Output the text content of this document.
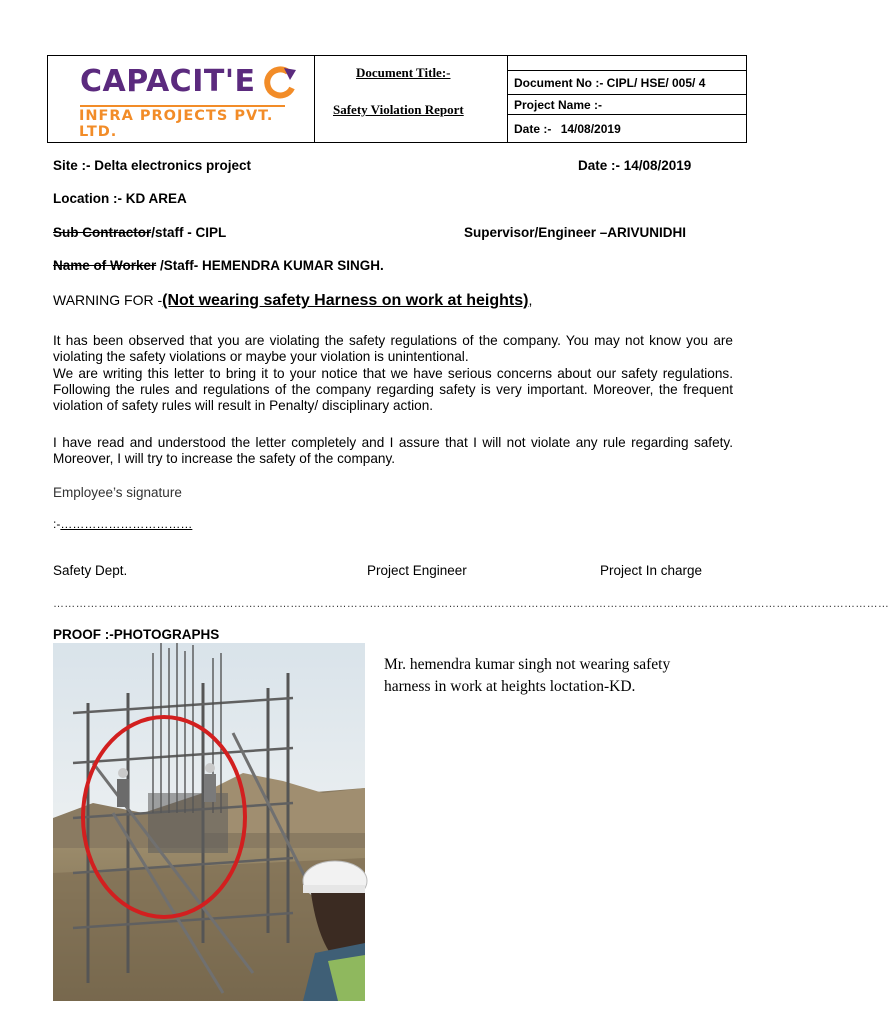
CAPACIT'E
INFRA PROJECTS PVT. LTD.
Document Title:-
Safety Violation Report
Document No :- CIPL/ HSE/ 005/ 4
Project Name :-
Date :- 14/08/2019
Site :- Delta electronics project	Date :- 14/08/2019
Location :- KD AREA
Sub Contractor/staff - CIPL	Supervisor/Engineer –ARIVUNIDHI
Name of Worker /Staff- HEMENDRA KUMAR SINGH.
WARNING FOR -(Not wearing safety Harness on work at heights),
It has been observed that you are violating the safety regulations of the company. You may not know you are violating the safety violations or maybe your violation is unintentional.
We are writing this letter to bring it to your notice that we have serious concerns about our safety regulations. Following the rules and regulations of the company regarding safety is very important. Moreover, the frequent violation of safety rules will result in Penalty/ disciplinary action.
I have read and understood the letter completely and I assure that I will not violate any rule regarding safety. Moreover, I will try to increase the safety of the company.
Employee’s signature
:-……………………………
Safety Dept.	Project Engineer	Project In charge
……………………………………………………………………………………………………………………………………………………………………………………………………
PROOF :-PHOTOGRAPHS
Mr. hemendra kumar singh not wearing safety harness in work at heights loctation-KD.
